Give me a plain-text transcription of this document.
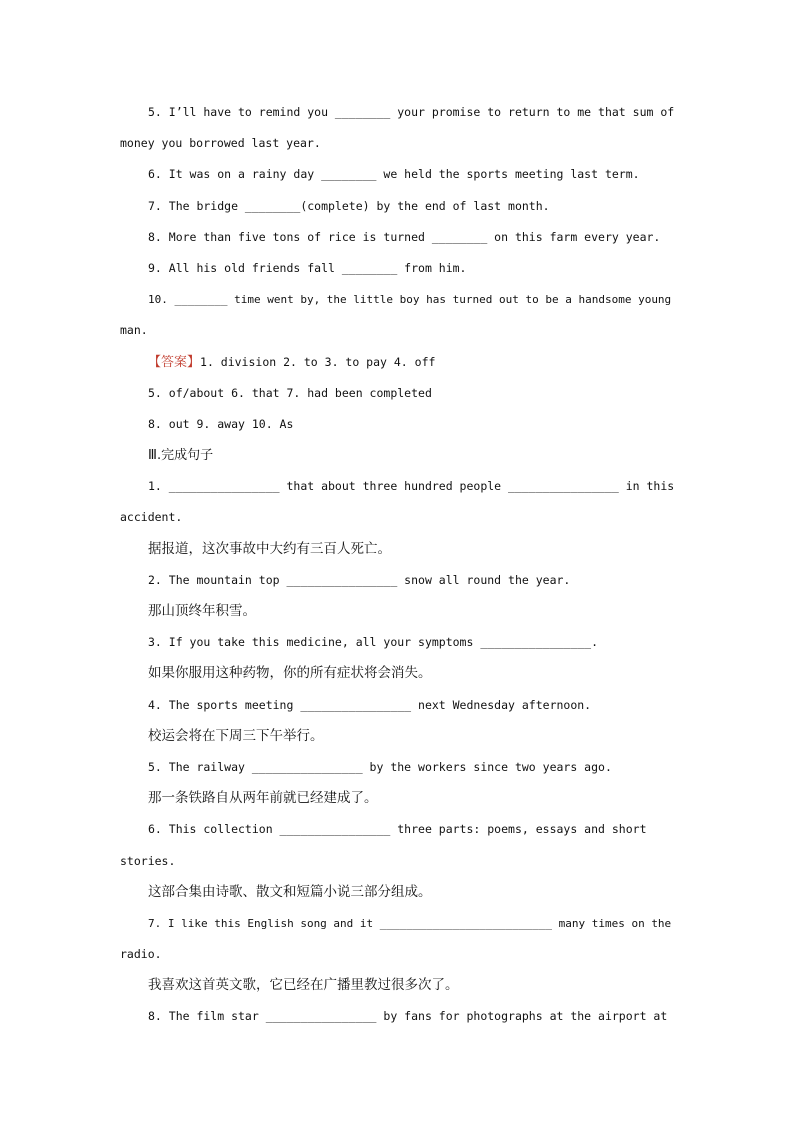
5. I’ll have to remind you ________ your promise to return to me that sum of
money you borrowed last year.
6. It was on a rainy day ________ we held the sports meeting last term.
7. The bridge ________(complete) by the end of last month.
8. More than five tons of rice is turned ________ on this farm every year.
9. All his old friends fall ________ from him.
10. ________ time went by, the little boy has turned out to be a handsome young
man.
【答案】1. division 2. to 3. to pay 4. off
5. of/about 6. that 7. had been completed
8. out 9. away 10. As
Ⅲ.完成句子
1. ________________ that about three hundred people ________________ in this
accident.
据报道，这次事故中大约有三百人死亡。
2. The mountain top ________________ snow all round the year.
那山顶终年积雪。
3. If you take this medicine, all your symptoms ________________.
如果你服用这种药物，你的所有症状将会消失。
4. The sports meeting ________________ next Wednesday afternoon.
校运会将在下周三下午举行。
5. The railway ________________ by the workers since two years ago.
那一条铁路自从两年前就已经建成了。
6. This collection ________________ three parts: poems, essays and short
stories.
这部合集由诗歌、散文和短篇小说三部分组成。
7. I like this English song and it __________________________ many times on the
radio.
我喜欢这首英文歌，它已经在广播里教过很多次了。
8. The film star ________________ by fans for photographs at the airport at
